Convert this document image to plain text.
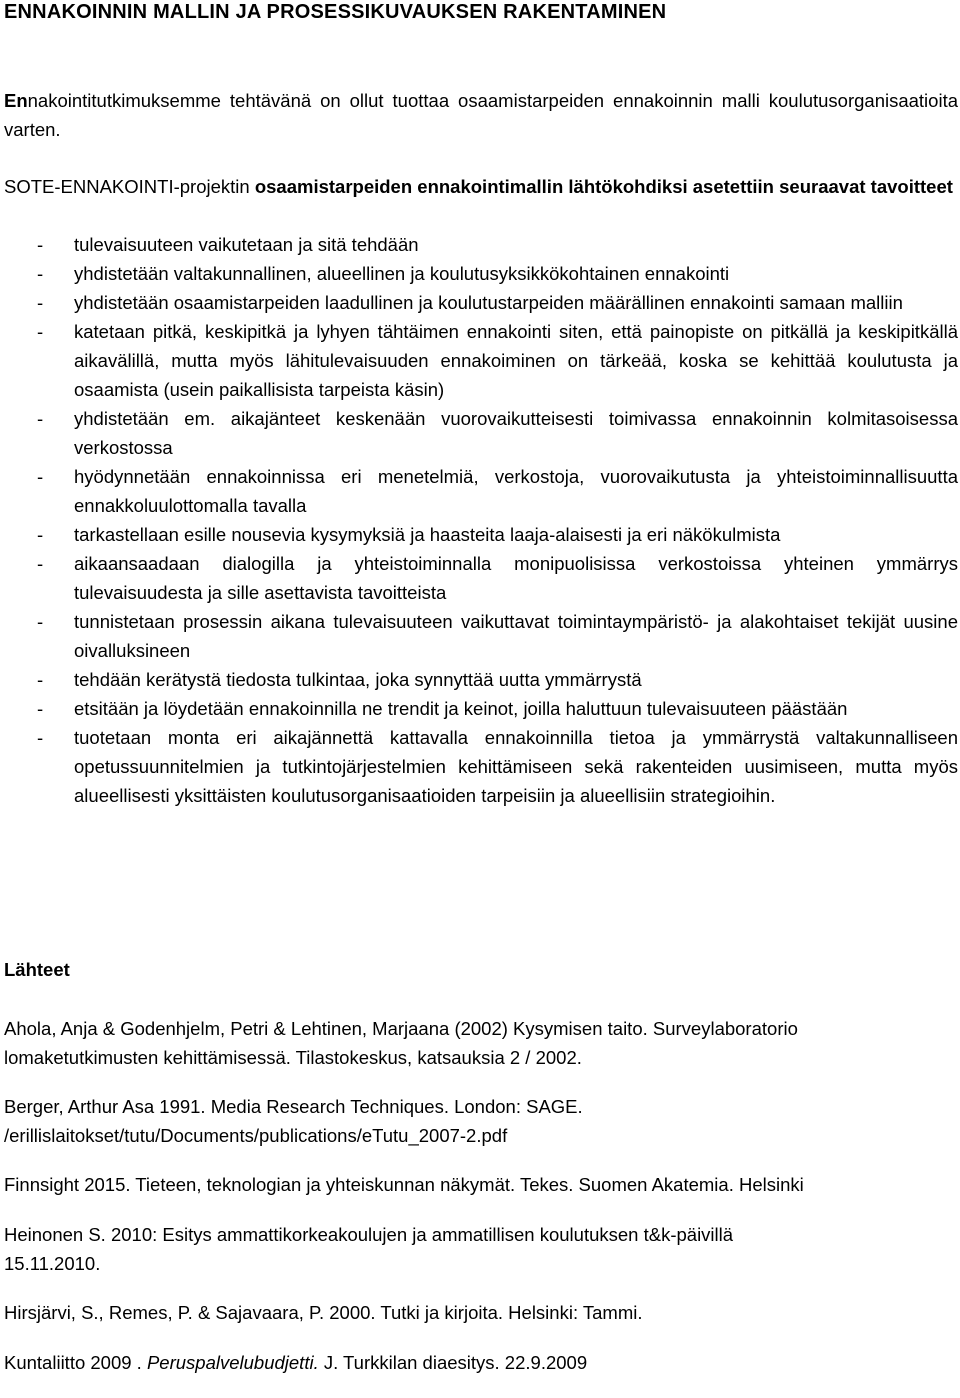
ENNAKOINNIN MALLIN JA PROSESSIKUVAUKSEN RAKENTAMINEN

Ennakointitutkimuksemme tehtävänä on ollut tuottaa osaamistarpeiden ennakoinnin malli koulutusorganisaatioita varten.

SOTE-ENNAKOINTI-projektin osaamistarpeiden ennakointimallin lähtökohdiksi asetettiin seuraavat tavoitteet

- tulevaisuuteen vaikutetaan ja sitä tehdään
- yhdistetään valtakunnallinen, alueellinen ja koulutusyksikkökohtainen ennakointi
- yhdistetään osaamistarpeiden laadullinen ja koulutustarpeiden määrällinen ennakointi samaan malliin
- katetaan pitkä, keskipitkä ja lyhyen tähtäimen ennakointi siten, että painopiste on pitkällä ja keskipitkällä aikavälillä, mutta myös lähitulevaisuuden ennakoiminen on tärkeää, koska se kehittää koulutusta ja osaamista (usein paikallisista tarpeista käsin)
- yhdistetään em. aikajänteet keskenään vuorovaikutteisesti toimivassa ennakoinnin kolmitasoisessa verkostossa
- hyödynnetään ennakoinnissa eri menetelmiä, verkostoja, vuorovaikutusta ja yhteistoiminnallisuutta ennakkoluulottomalla tavalla
- tarkastellaan esille nousevia kysymyksiä ja haasteita laaja-alaisesti ja eri näkökulmista
- aikaansaadaan dialogilla ja yhteistoiminnalla monipuolisissa verkostoissa yhteinen ymmärrys tulevaisuudesta ja sille asettavista tavoitteista
- tunnistetaan prosessin aikana tulevaisuuteen vaikuttavat toimintaympäristö- ja alakohtaiset tekijät uusine oivalluksineen
- tehdään kerätystä tiedosta tulkintaa, joka synnyttää uutta ymmärrystä
- etsitään ja löydetään ennakoinnilla ne trendit ja keinot, joilla haluttuun tulevaisuuteen päästään
- tuotetaan monta eri aikajännettä kattavalla ennakoinnilla tietoa ja ymmärrystä valtakunnalliseen opetussuunnitelmien ja tutkintojärjestelmien kehittämiseen sekä rakenteiden uusimiseen, mutta myös alueellisesti yksittäisten koulutusorganisaatioiden tarpeisiin ja alueellisiin strategioihin.
Lähteet
Ahola, Anja & Godenhjelm, Petri & Lehtinen, Marjaana (2002) Kysymisen taito. Surveylaboratorio
lomaketutkimusten kehittämisessä. Tilastokeskus, katsauksia 2 / 2002.
Berger, Arthur Asa 1991. Media Research Techniques. London: SAGE.
/erillislaitokset/tutu/Documents/publications/eTutu_2007-2.pdf
Finnsight 2015. Tieteen, teknologian ja yhteiskunnan näkymät. Tekes. Suomen Akatemia. Helsinki
Heinonen S. 2010: Esitys ammattikorkeakoulujen ja ammatillisen koulutuksen t&k-päivillä
15.11.2010.
Hirsjärvi, S., Remes, P. & Sajavaara, P. 2000. Tutki ja kirjoita. Helsinki: Tammi.
Kuntaliitto 2009 . Peruspalvelubudjetti. J. Turkkilan diaesitys. 22.9.2009
